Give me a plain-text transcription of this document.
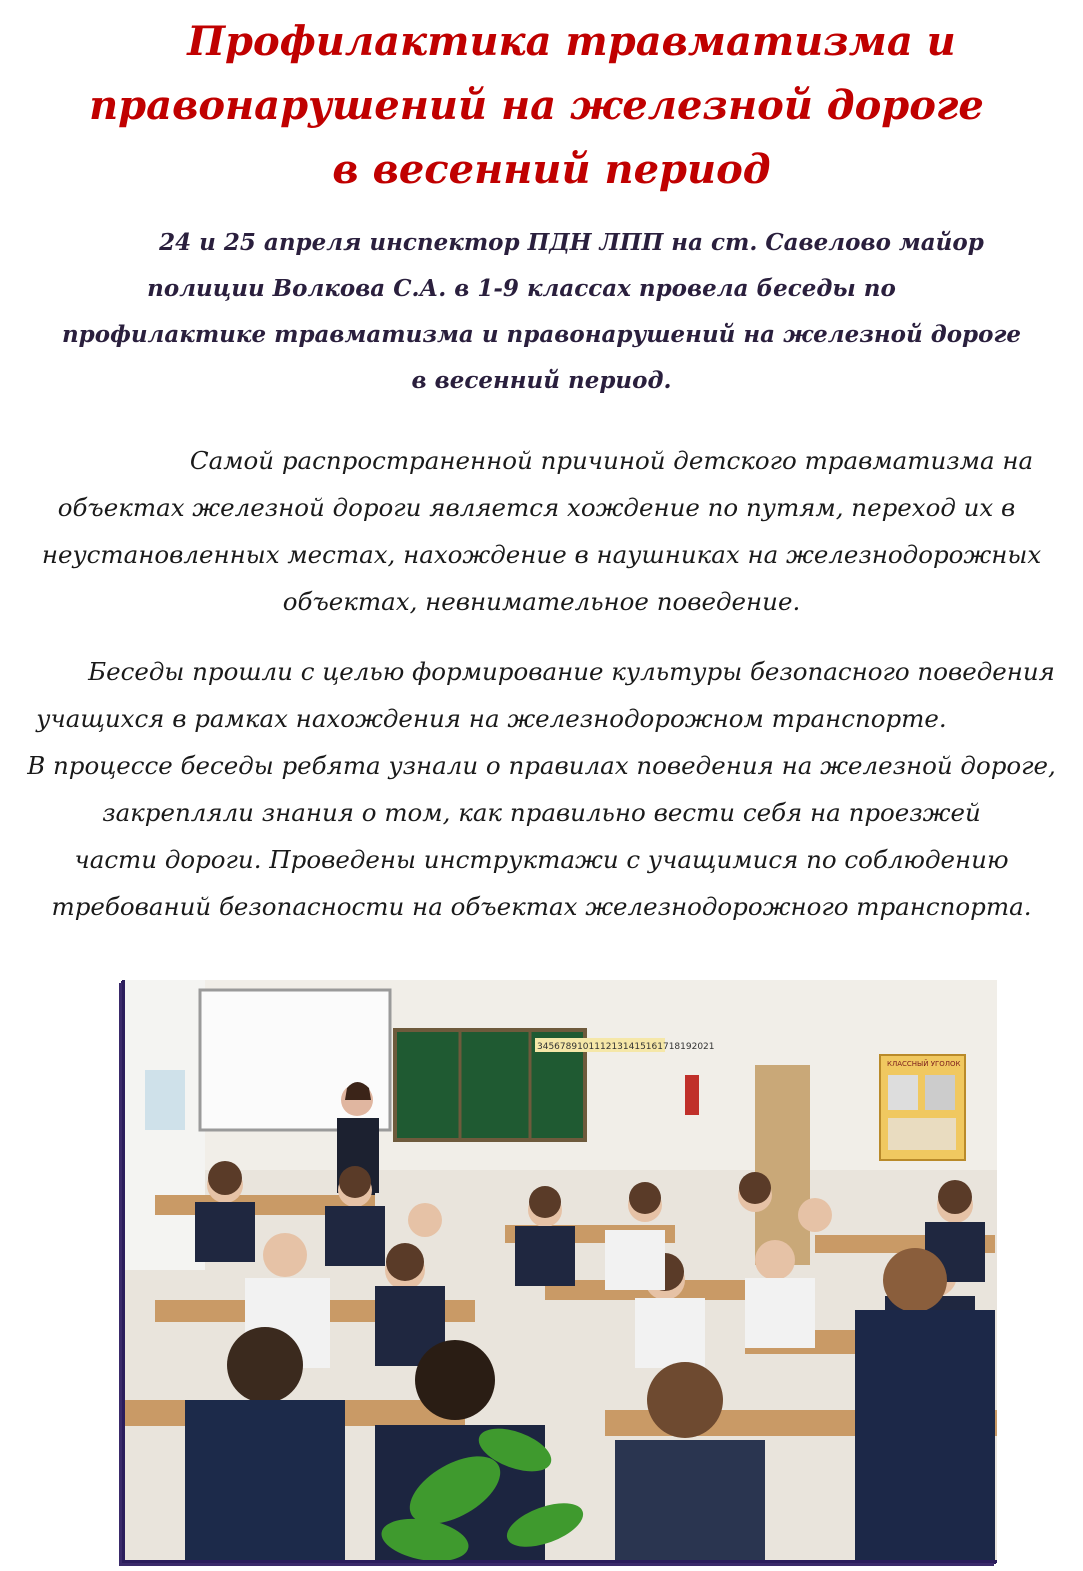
Профилактика травматизма и
правонарушений на железной дороге
в весенний период

24 и 25 апреля инспектор ПДН ЛПП на ст. Савелово майор
полиции Волкова С.А. в 1-9 классах провела беседы по
профилактике травматизма и правонарушений на железной дороге
в весенний период.

Самой распространенной причиной детского травматизма на
объектах железной дороги является хождение по путям, переход их в
неустановленных местах, нахождение в наушниках на железнодорожных
объектах, невнимательное поведение.

Беседы прошли с целью формирование культуры безопасного поведения
учащихся в рамках нахождения на железнодорожном транспорте.
В процессе беседы ребята узнали о правилах поведения на железной дороге,
закрепляли знания о том, как правильно вести себя на проезжей
части дороги. Проведены инструктажи с учащимися по соблюдению
требований безопасности на объектах железнодорожного транспорта.

3456789101112131415161718192021
КЛАССНЫЙ УГОЛОК
